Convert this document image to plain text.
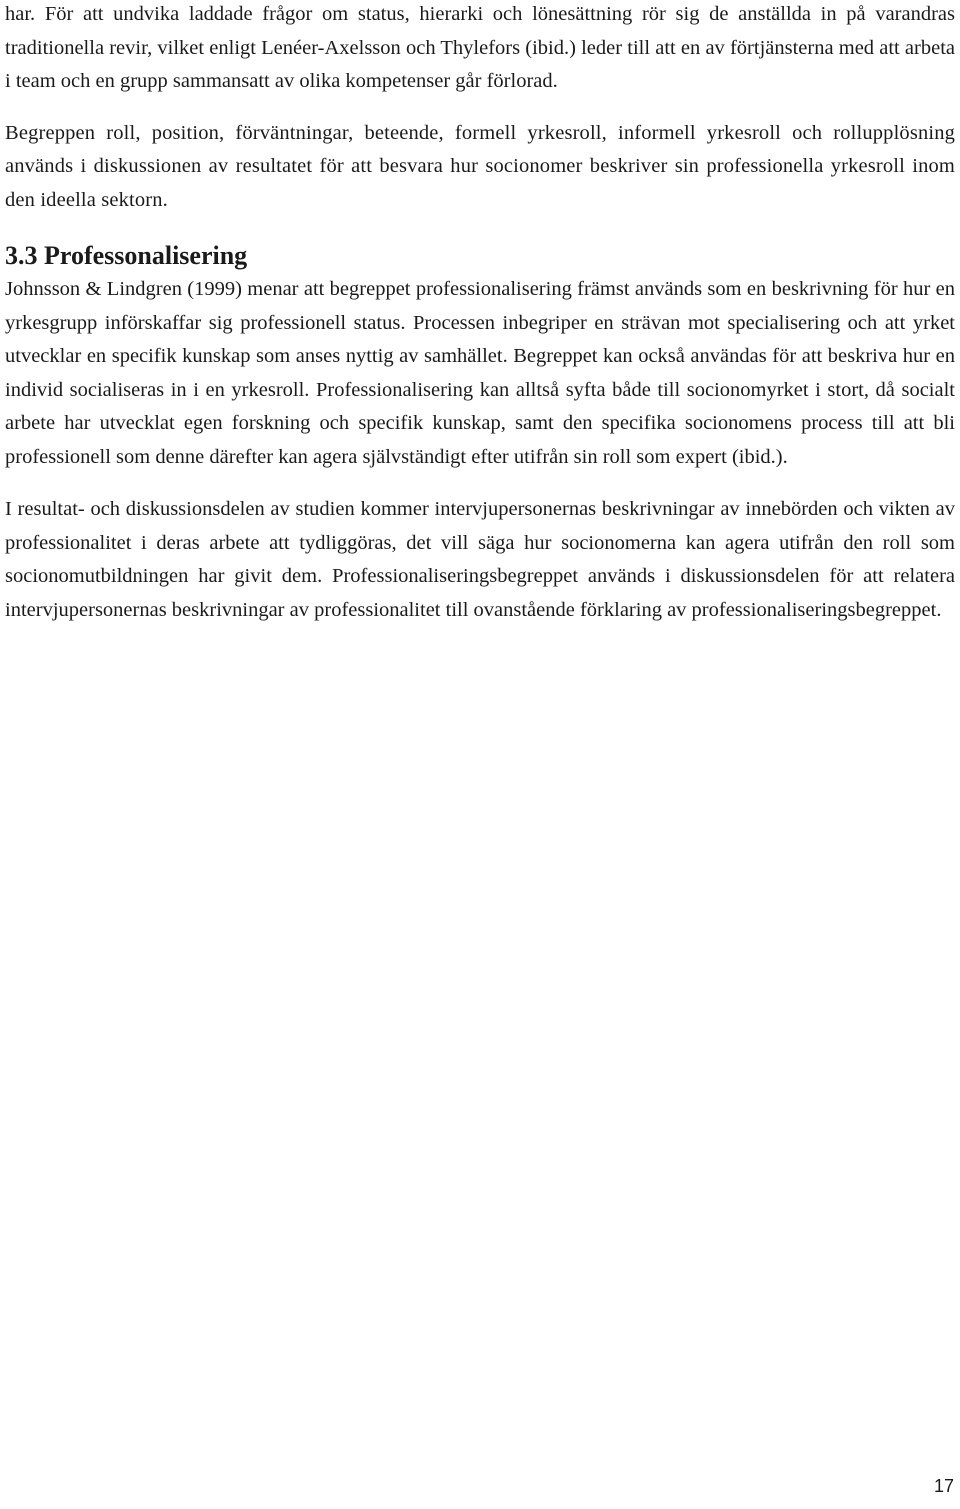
har. För att undvika laddade frågor om status, hierarki och lönesättning rör sig de anställda in på varandras traditionella revir, vilket enligt Lenéer-Axelsson och Thylefors (ibid.) leder till att en av förtjänsterna med att arbeta i team och en grupp sammansatt av olika kompetenser går förlorad.

Begreppen roll, position, förväntningar, beteende, formell yrkesroll, informell yrkesroll och rollupplösning används i diskussionen av resultatet för att besvara hur socionomer beskriver sin professionella yrkesroll inom den ideella sektorn.

3.3 Professonalisering

Johnsson & Lindgren (1999) menar att begreppet professionalisering främst används som en beskrivning för hur en yrkesgrupp införskaffar sig professionell status. Processen inbegriper en strävan mot specialisering och att yrket utvecklar en specifik kunskap som anses nyttig av samhället. Begreppet kan också användas för att beskriva hur en individ socialiseras in i en yrkesroll. Professionalisering kan alltså syfta både till socionomyrket i stort, då socialt arbete har utvecklat egen forskning och specifik kunskap, samt den specifika socionomens process till att bli professionell som denne därefter kan agera självständigt efter utifrån sin roll som expert (ibid.).

I resultat- och diskussionsdelen av studien kommer intervjupersonernas beskrivningar av innebörden och vikten av professionalitet i deras arbete att tydliggöras, det vill säga hur socionomerna kan agera utifrån den roll som socionomutbildningen har givit dem. Professionaliseringsbegreppet används i diskussionsdelen för att relatera intervjupersonernas beskrivningar av professionalitet till ovanstående förklaring av professionaliseringsbegreppet.

17
